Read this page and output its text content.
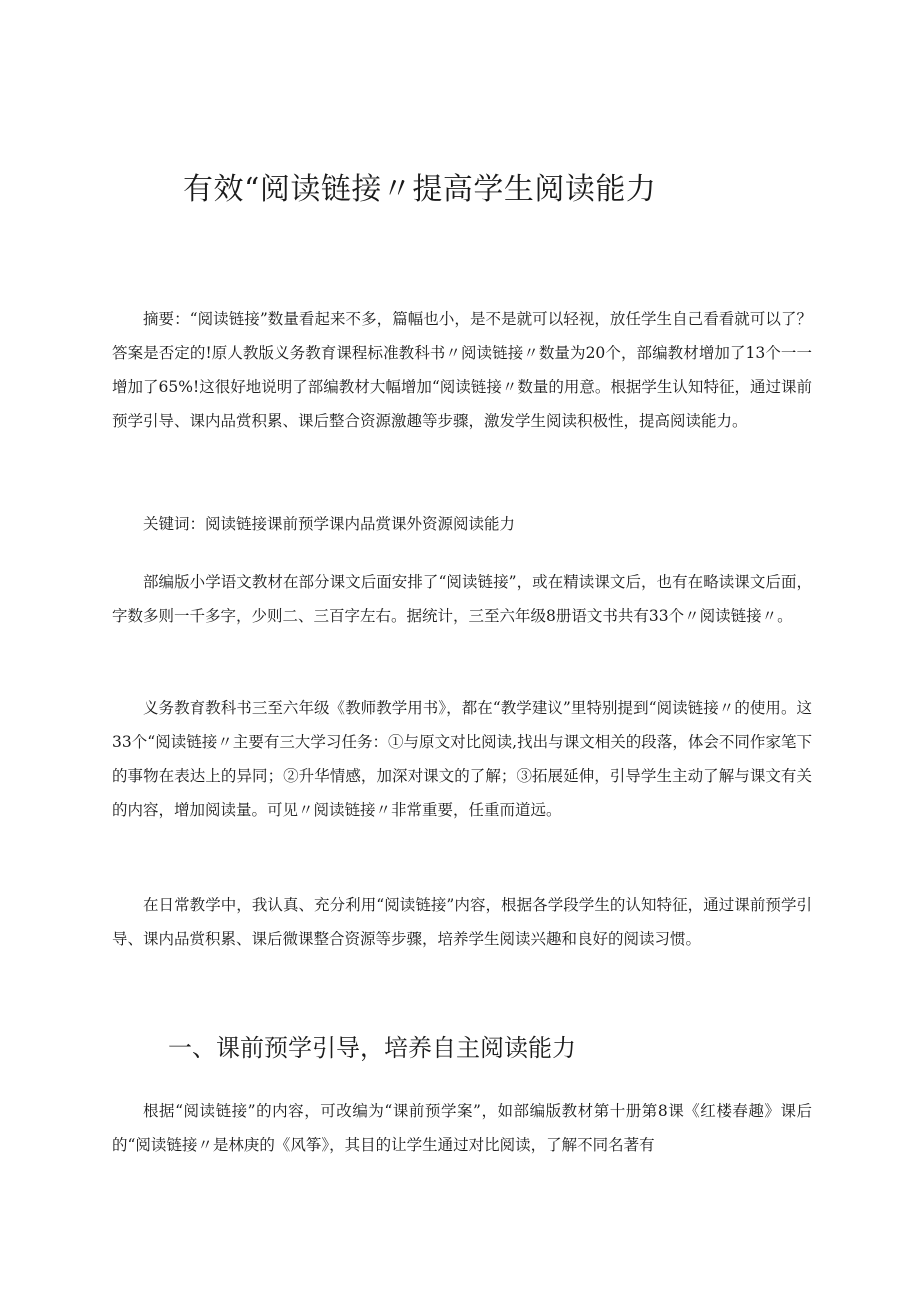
有效“阅读链接〃提高学生阅读能力

摘要：“阅读链接”数量看起来不多，篇幅也小，是不是就可以轻视，放任学生自己看看就可以了？答案是否定的!原人教版义务教育课程标准教科书〃阅读链接〃数量为20个，部编教材增加了13个一一增加了65%!这很好地说明了部编教材大幅增加“阅读链接〃数量的用意。根据学生认知特征，通过课前预学引导、课内品赏积累、课后整合资源激趣等步骤，激发学生阅读积极性，提高阅读能力。

关键词：阅读链接课前预学课内品赏课外资源阅读能力

部编版小学语文教材在部分课文后面安排了“阅读链接”，或在精读课文后，也有在略读课文后面，字数多则一千多字，少则二、三百字左右。据统计，三至六年级8册语文书共有33个〃阅读链接〃。

义务教育教科书三至六年级《教师教学用书》，都在“教学建议”里特别提到“阅读链接〃的使用。这33个“阅读链接〃主要有三大学习任务：①与原文对比阅读,找出与课文相关的段落，体会不同作家笔下的事物在表达上的异同；②升华情感，加深对课文的了解；③拓展延伸，引导学生主动了解与课文有关的内容，增加阅读量。可见〃阅读链接〃非常重要，任重而道远。

在日常教学中，我认真、充分利用“阅读链接”内容，根据各学段学生的认知特征，通过课前预学引导、课内品赏积累、课后微课整合资源等步骤，培养学生阅读兴趣和良好的阅读习惯。

一、课前预学引导，培养自主阅读能力

根据“阅读链接”的内容，可改编为“课前预学案”，如部编版教材第十册第8课《红楼春趣》课后的“阅读链接〃是林庚的《风筝》，其目的让学生通过对比阅读，了解不同名著有
